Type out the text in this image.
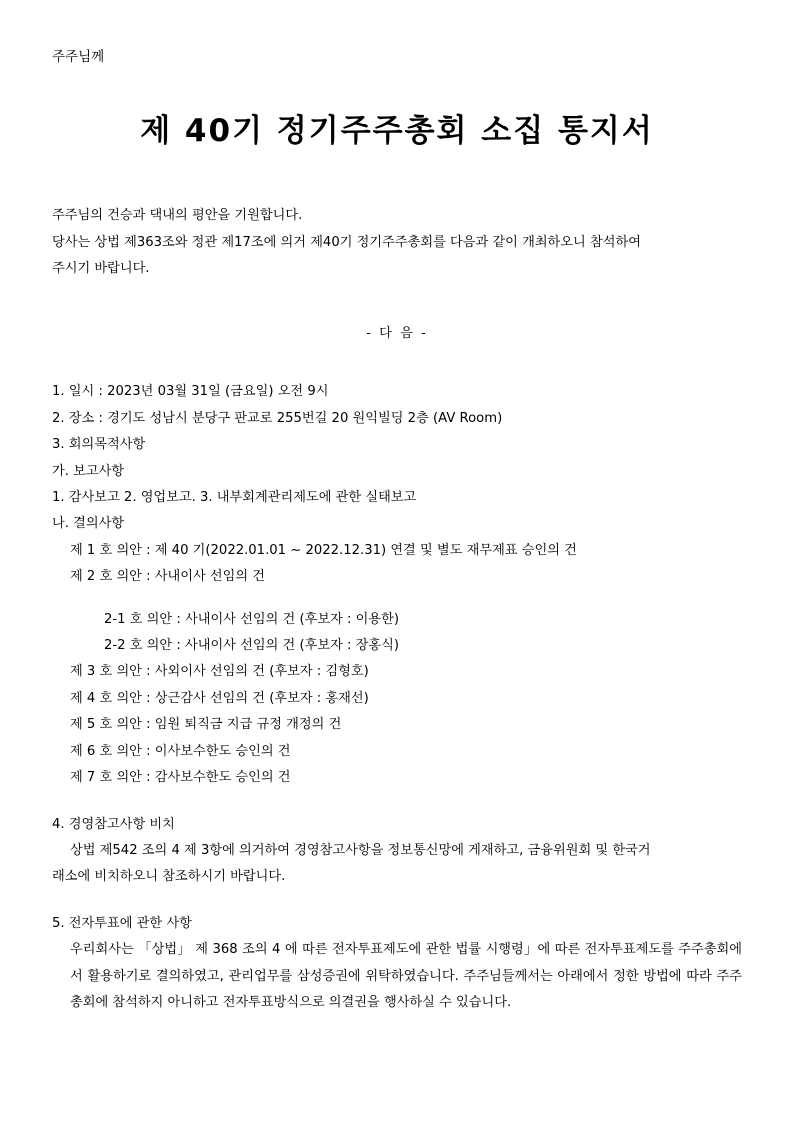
주주님께
제 40기 정기주주총회 소집 통지서

주주님의 건승과 댁내의 평안을 기원합니다.

당사는 상법 제363조와 정관 제17조에 의거 제40기 정기주주총회를 다음과 같이 개최하오니 참석하여

주시기 바랍니다.

- 다 음 -

1. 일시 : 2023년 03월 31일 (금요일) 오전 9시

2. 장소 : 경기도 성남시 분당구 판교로 255번길 20 원익빌딩 2층 (AV Room)

3. 회의목적사항

가. 보고사항

1. 감사보고 2. 영업보고. 3. 내부회계관리제도에 관한 실태보고

나. 결의사항

제 1 호 의안 : 제 40 기(2022.01.01 ~ 2022.12.31) 연결 및 별도 재무제표 승인의 건

제 2 호 의안 : 사내이사 선임의 건

2-1 호 의안 : 사내이사 선임의 건 (후보자 : 이용한)

2-2 호 의안 : 사내이사 선임의 건 (후보자 : 장홍식)

제 3 호 의안 : 사외이사 선임의 건 (후보자 : 김형호)

제 4 호 의안 : 상근감사 선임의 건 (후보자 : 홍재선)

제 5 호 의안 : 임원 퇴직금 지급 규정 개정의 건

제 6 호 의안 : 이사보수한도 승인의 건

제 7 호 의안 : 감사보수한도 승인의 건

4. 경영참고사항 비치

상법 제542 조의 4 제 3항에 의거하여 경영참고사항을 정보통신망에 게재하고, 금융위원회 및 한국거

래소에 비치하오니 참조하시기 바랍니다.

5. 전자투표에 관한 사항

우리회사는 「상법」 제 368 조의 4 에 따른 전자투표제도에 관한 법률 시행령」에 따른 전자투표제도를 주주총회에서 활용하기로 결의하였고, 관리업무를 삼성증권에 위탁하였습니다. 주주님들께서는 아래에서 정한 방법에 따라 주주총회에 참석하지 아니하고 전자투표방식으로 의결권을 행사하실 수 있습니다.
